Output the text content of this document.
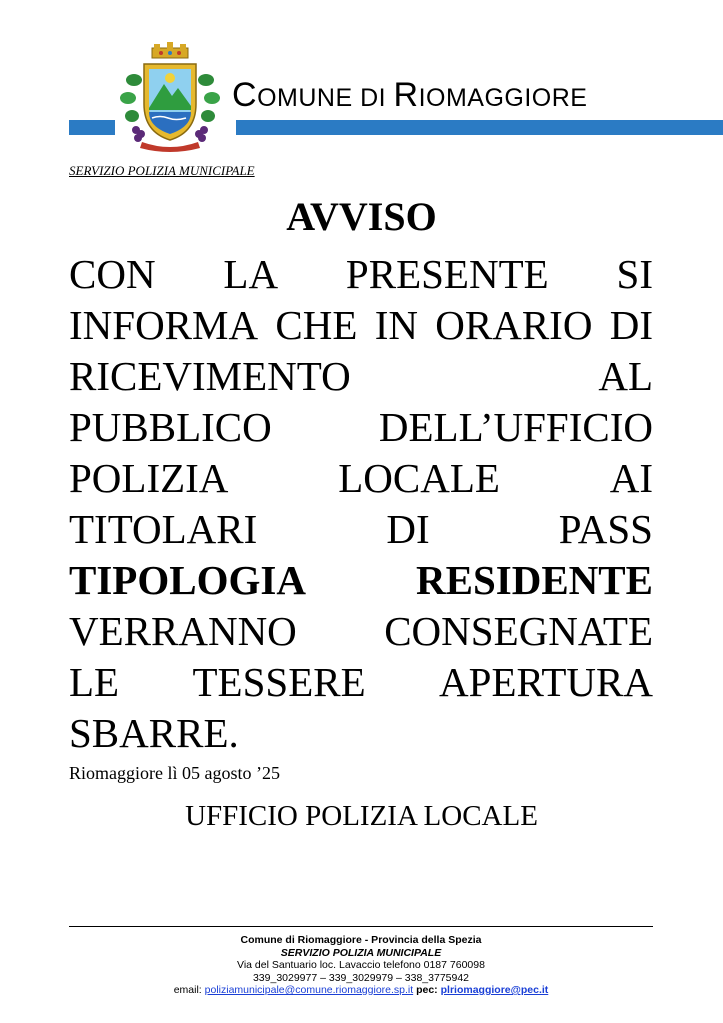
COMUNE DI RIOMAGGIORE
SERVIZIO POLIZIA MUNICIPALE
AVVISO
CON LA PRESENTE SI
INFORMA CHE IN ORARIO DI
RICEVIMENTO	AL
PUBBLICO	DELL’UFFICIO
POLIZIA	LOCALE	AI
TITOLARI	DI	PASS
TIPOLOGIA	RESIDENTE
VERRANNO CONSEGNATE
LE TESSERE APERTURA
SBARRE.
Riomaggiore lì 05 agosto ’25
UFFICIO POLIZIA LOCALE
Comune di Riomaggiore - Provincia della Spezia
SERVIZIO POLIZIA MUNICIPALE
Via del Santuario loc. Lavaccio telefono 0187 760098
339_3029977 – 339_3029979 – 338_3775942
email: poliziamunicipale@comune.riomaggiore.sp.it pec: plriomaggiore@pec.it
